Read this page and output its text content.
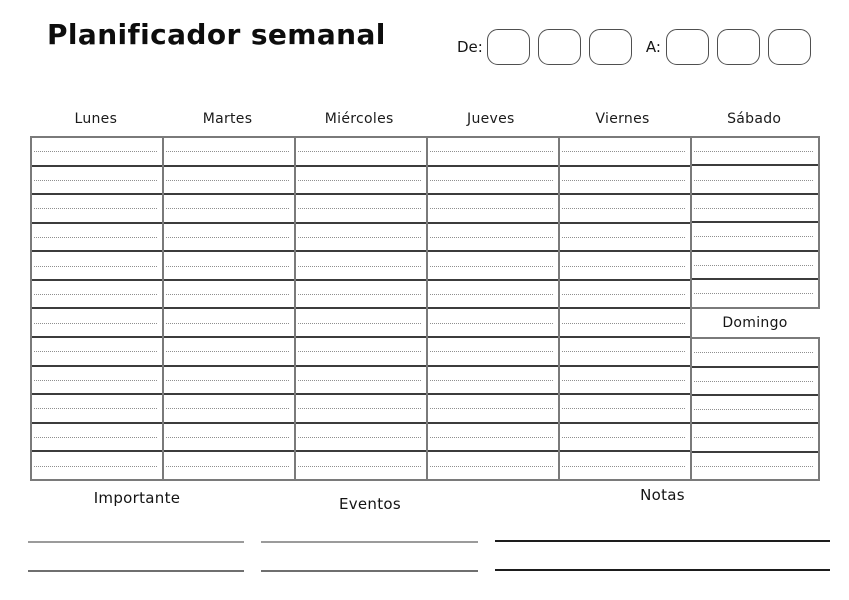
Planificador semanal	De:	A:
Lunes	Martes	Miércoles	Jueves	Viernes	Sábado
Domingo
Importante	Eventos	Notas
